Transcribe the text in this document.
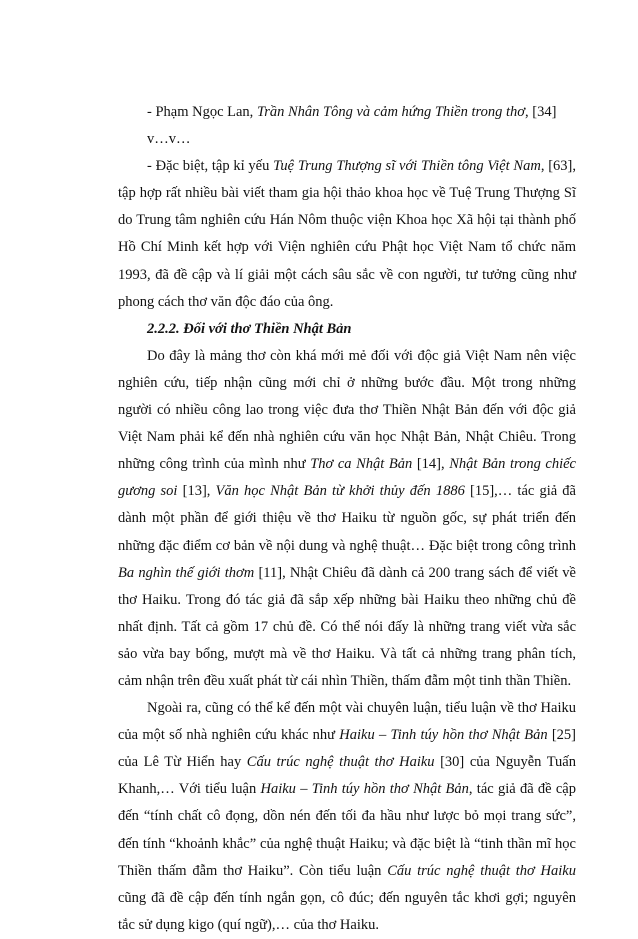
- Phạm Ngọc Lan, Trần Nhân Tông và cảm hứng Thiền trong thơ, [34]

v…v…

- Đặc biệt, tập kỉ yếu Tuệ Trung Thượng sĩ với Thiền tông Việt Nam, [63], tập hợp rất nhiều bài viết tham gia hội thảo khoa học về Tuệ Trung Thượng Sĩ do Trung tâm nghiên cứu Hán Nôm thuộc viện Khoa học Xã hội tại thành phố Hồ Chí Minh kết hợp với Viện nghiên cứu Phật học Việt Nam tổ chức năm 1993, đã đề cập và lí giải một cách sâu sắc về con người, tư tưởng cũng như phong cách thơ văn độc đáo của ông.

2.2.2. Đối với thơ Thiền Nhật Bản

Do đây là mảng thơ còn khá mới mẻ đối với độc giả Việt Nam nên việc nghiên cứu, tiếp nhận cũng mới chỉ ở những bước đầu. Một trong những người có nhiều công lao trong việc đưa thơ Thiền Nhật Bản đến với độc giả Việt Nam phải kể đến nhà nghiên cứu văn học Nhật Bản, Nhật Chiêu. Trong những công trình của mình như Thơ ca Nhật Bản [14], Nhật Bản trong chiếc gương soi [13], Văn học Nhật Bản từ khởi thủy đến 1886 [15],… tác giả đã dành một phần để giới thiệu về thơ Haiku từ nguồn gốc, sự phát triển đến những đặc điểm cơ bản về nội dung và nghệ thuật… Đặc biệt trong công trình Ba nghìn thế giới thơm [11], Nhật Chiêu đã dành cả 200 trang sách để viết về thơ Haiku. Trong đó tác giả đã sắp xếp những bài Haiku theo những chủ đề nhất định. Tất cả gồm 17 chủ đề. Có thể nói đấy là những trang viết vừa sắc sảo vừa bay bổng, mượt mà về thơ Haiku. Và tất cả những trang phân tích, cảm nhận trên đều xuất phát từ cái nhìn Thiền, thấm đẫm một tinh thần Thiền.

Ngoài ra, cũng có thể kể đến một vài chuyên luận, tiểu luận về thơ Haiku của một số nhà nghiên cứu khác như Haiku – Tinh túy hồn thơ Nhật Bản [25] của Lê Từ Hiển hay Cấu trúc nghệ thuật thơ Haiku [30] của Nguyễn Tuấn Khanh,… Với tiểu luận Haiku – Tinh túy hồn thơ Nhật Bản, tác giả đã đề cập đến “tính chất cô đọng, dồn nén đến tối đa hầu như lược bỏ mọi trang sức”, đến tính “khoảnh khắc” của nghệ thuật Haiku; và đặc biệt là “tinh thần mĩ học Thiền thấm đẫm thơ Haiku”. Còn tiểu luận Cấu trúc nghệ thuật thơ Haiku cũng đã đề cập đến tính ngắn gọn, cô đúc; đến nguyên tắc khơi gợi; nguyên tắc sử dụng kigo (quí ngữ),… của thơ Haiku.
